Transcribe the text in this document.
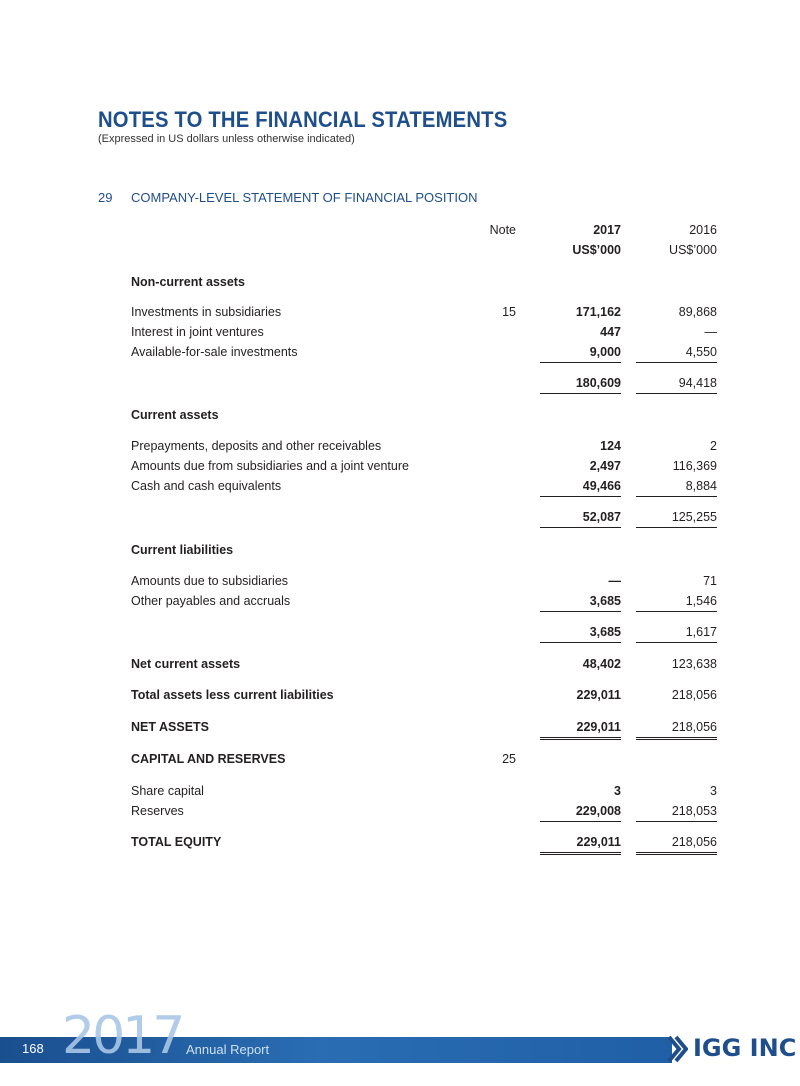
NOTES TO THE FINANCIAL STATEMENTS
(Expressed in US dollars unless otherwise indicated)
29 COMPANY-LEVEL STATEMENT OF FINANCIAL POSITION
Note	2017	2016
US$’000	US$’000
Non-current assets
Investments in subsidiaries	15	171,162	89,868
Interest in joint ventures	447	—
Available-for-sale investments	9,000	4,550
180,609	94,418
Current assets
Prepayments, deposits and other receivables	124	2
Amounts due from subsidiaries and a joint venture	2,497	116,369
Cash and cash equivalents	49,466	8,884
52,087	125,255
Current liabilities
Amounts due to subsidiaries	—	71
Other payables and accruals	3,685	1,546
3,685	1,617
Net current assets	48,402	123,638
Total assets less current liabilities	229,011	218,056
NET ASSETS	229,011	218,056
CAPITAL AND RESERVES	25
Share capital	3	3
Reserves	229,008	218,053
TOTAL EQUITY	229,011	218,056
2017
168	Annual Report	IGG INC
